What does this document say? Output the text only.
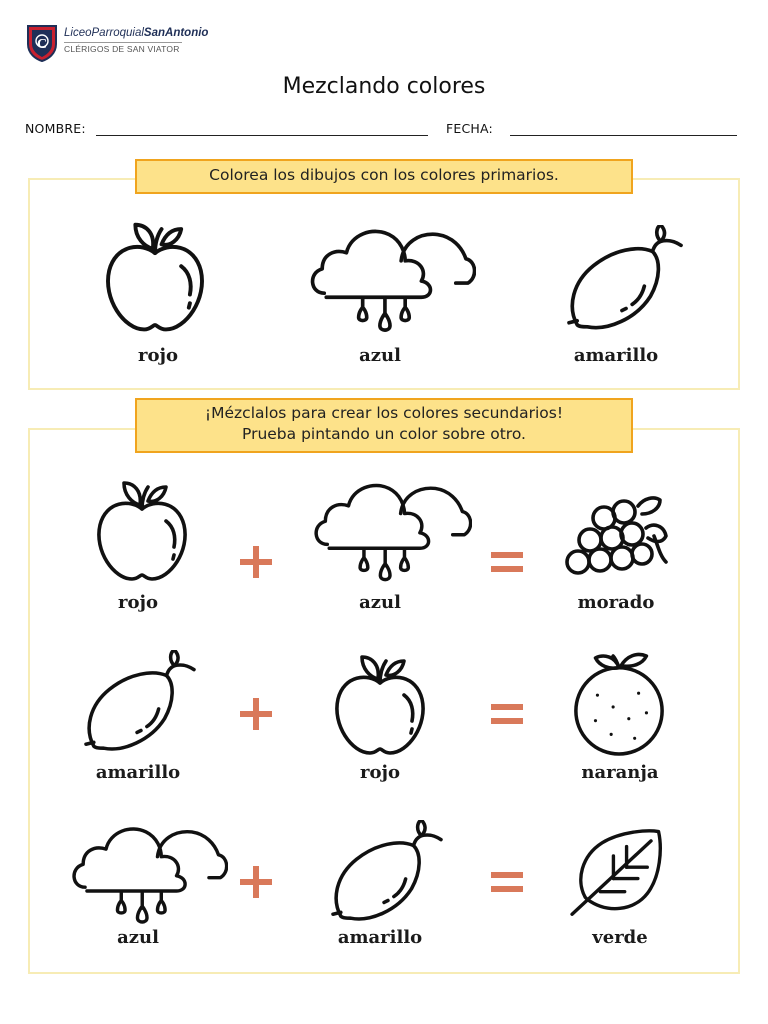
C
LiceoParroquialSanAntonio
CLÉRIGOS DE SAN VIATOR
Mezclando colores
NOMBRE:	FECHA:
Colorea los dibujos con los colores primarios.
rojo	azul	amarillo
¡Mézclalos para crear los colores secundarios!
Prueba pintando un color sobre otro.
rojo	azul	morado
amarillo	rojo	naranja
azul	amarillo	verde
